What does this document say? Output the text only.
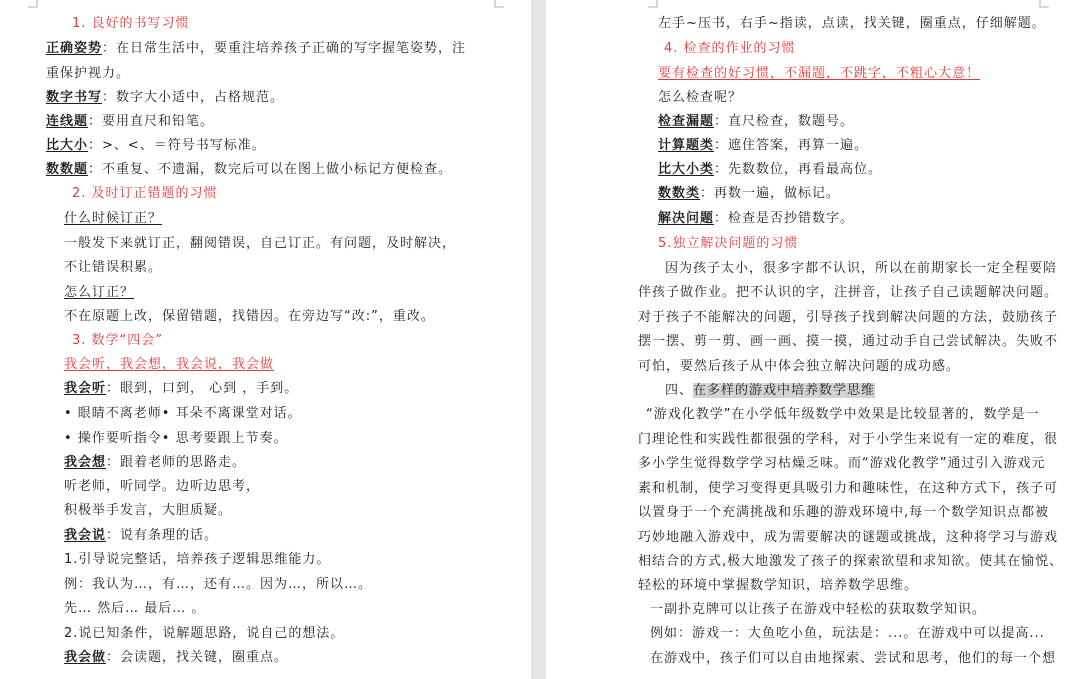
1. 良好的书写习惯
正确姿势：在日常生活中，要重注培养孩子正确的写字握笔姿势，注
重保护视力。
数字书写：数字大小适中，占格规范。
连线题：要用直尺和铅笔。
比大小：>、<、＝符号书写标准。
数数题：不重复、不遗漏，数完后可以在图上做小标记方便检查。
2. 及时订正错题的习惯
什么时候订正？
一般发下来就订正，翻阅错误，自己订正。有问题，及时解决，
不让错误积累。
怎么订正？
不在原题上改，保留错题，找错因。在旁边写“改:”，重改。
3. 数学“四会”
我会听，我会想，我会说，我会做
我会听：眼到，口到， 心到 ，手到。
• 眼睛不离老师• 耳朵不离课堂对话。
• 操作要听指令• 思考要跟上节奏。
我会想：跟着老师的思路走。
听老师，听同学。边听边思考，
积极举手发言，大胆质疑。
我会说：说有条理的话。
1.引导说完整话，培养孩子逻辑思维能力。
例：我认为…，有…，还有…。因为…，所以…。
先… 然后… 最后… 。
2.说已知条件，说解题思路，说自己的想法。
我会做：会读题，找关键，圈重点。
左手~压书，右手~指读，点读，找关键，圈重点，仔细解题。
4. 检查的作业的习惯
要有检查的好习惯，不漏题，不跳字，不粗心大意！
怎么检查呢？
检查漏题：直尺检查，数题号。
计算题类：遮住答案，再算一遍。
比大小类：先数数位，再看最高位。
数数类：再数一遍，做标记。
解决问题：检查是否抄错数字。
5.独立解决问题的习惯
因为孩子太小，很多字都不认识，所以在前期家长一定全程要陪
伴孩子做作业。把不认识的字，注拼音，让孩子自己读题解决问题。
对于孩子不能解决的问题，引导孩子找到解决问题的方法，鼓励孩子
摆一摆、剪一剪、画一画、摸一摸，通过动手自己尝试解决。失败不
可怕，要然后孩子从中体会独立解决问题的成功感。
四、在多样的游戏中培养数学思维
“游戏化教学”在小学低年级数学中效果是比较显著的，数学是一
门理论性和实践性都很强的学科，对于小学生来说有一定的难度，很
多小学生觉得数学学习枯燥乏味。而“游戏化教学”通过引入游戏元
素和机制，使学习变得更具吸引力和趣味性，在这种方式下，孩子可
以置身于一个充满挑战和乐趣的游戏环境中,每一个数学知识点都被
巧妙地融入游戏中，成为需要解决的谜题或挑战，这种将学习与游戏
相结合的方式,极大地激发了孩子的探索欲望和求知欲。使其在愉悦、
轻松的环境中掌握数学知识，培养数学思维。
一副扑克牌可以让孩子在游戏中轻松的获取数学知识。
例如：游戏一：大鱼吃小鱼，玩法是：...。在游戏中可以提高...
在游戏中，孩子们可以自由地探索、尝试和思考，他们的每一个想
